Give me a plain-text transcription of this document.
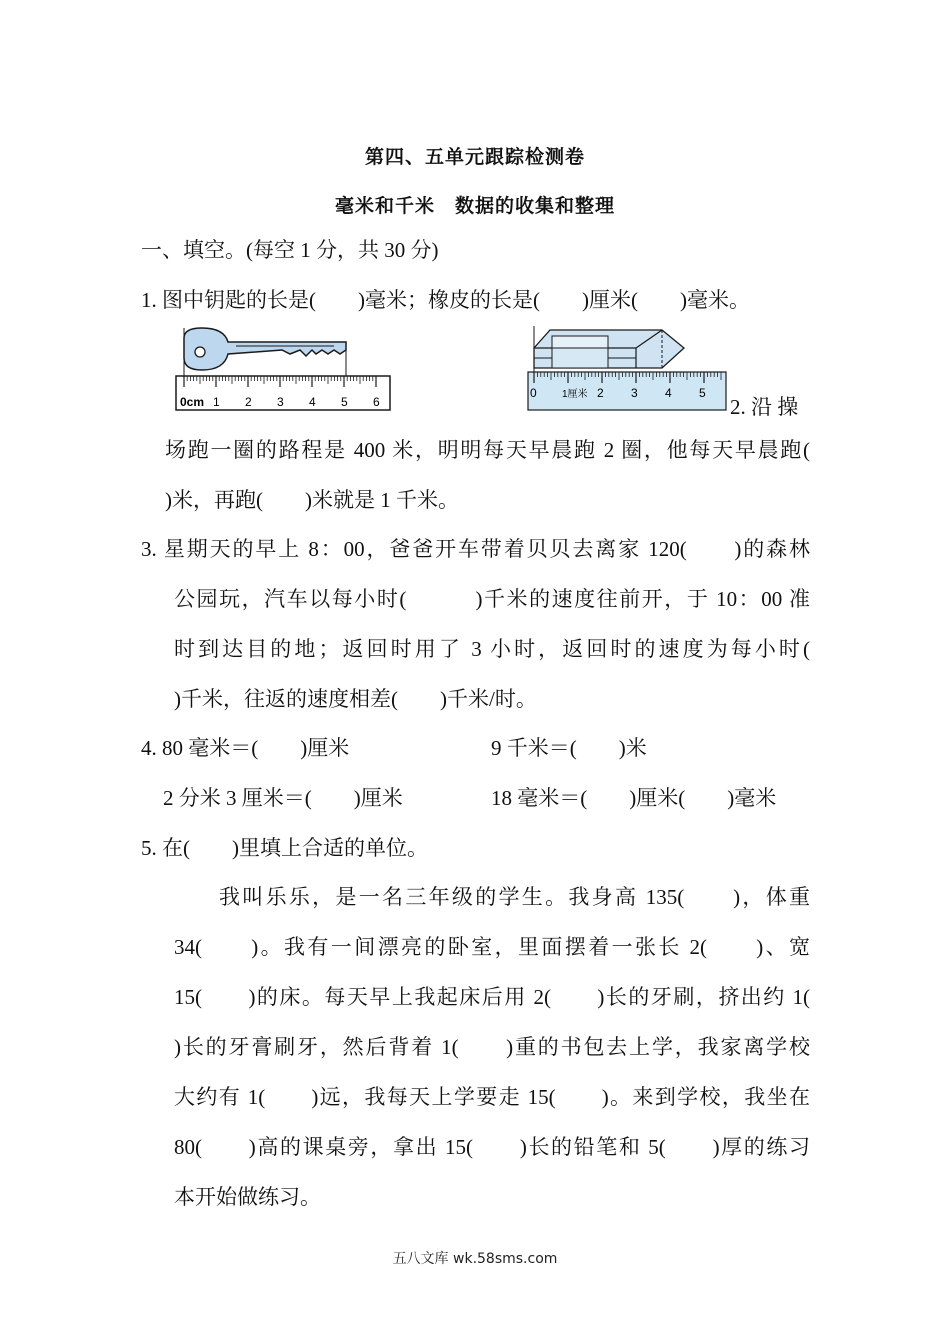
第四、五单元跟踪检测卷
毫米和千米　数据的收集和整理
一、填空。(每空 1 分，共 30 分)
1. 图中钥匙的长是(　　)毫米；橡皮的长是(　　)厘米(　　)毫米。
0cm 1 2 3 4 5 6
0	1厘米 2 3 4 5
2. 沿 操
场跑一圈的路程是 400 米，明明每天早晨跑 2 圈，他每天早晨跑(
)米，再跑(　　)米就是 1 千米。
3. 星期天的早上 8：00，爸爸开车带着贝贝去离家 120(　　)的森林
公园玩，汽车以每小时(　　　)千米的速度往前开，于 10：00 准
时到达目的地；返回时用了 3 小时，返回时的速度为每小时(
)千米，往返的速度相差(　　)千米/时。
4. 80 毫米＝(　　)厘米	9 千米＝(　　)米
2 分米 3 厘米＝(　　)厘米	18 毫米＝(　　)厘米(　　)毫米
5. 在(　　)里填上合适的单位。
我叫乐乐，是一名三年级的学生。我身高 135(　　)，体重
34(　　)。我有一间漂亮的卧室，里面摆着一张长 2(　　)、宽
15(　　)的床。每天早上我起床后用 2(　　)长的牙刷，挤出约 1(
)长的牙膏刷牙，然后背着 1(　　)重的书包去上学，我家离学校
大约有 1(　　)远，我每天上学要走 15(　　)。来到学校，我坐在
80(　　)高的课桌旁，拿出 15(　　)长的铅笔和 5(　　)厚的练习
本开始做练习。
五八文库 wk.58sms.com
